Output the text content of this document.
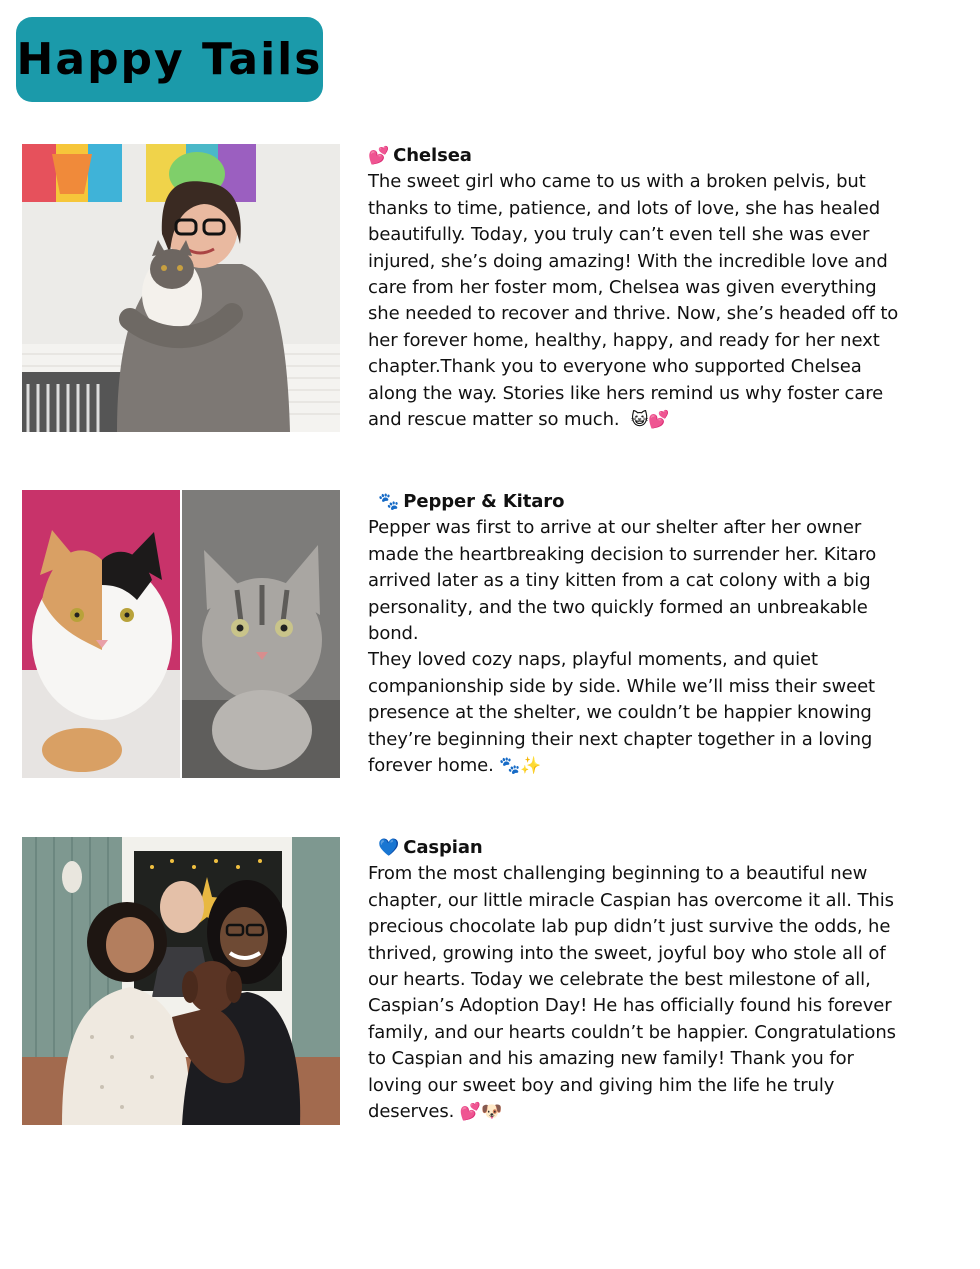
Happy Tails
💕 Chelsea
The sweet girl who came to us with a broken pelvis, but thanks to time, patience, and lots of love, she has healed beautifully. Today, you truly can’t even tell she was ever injured, she’s doing amazing! With the incredible love and care from her foster mom, Chelsea was given everything she needed to recover and thrive. Now, she’s headed off to her forever home, healthy, happy, and ready for her next chapter.Thank you to everyone who supported Chelsea along the way. Stories like hers remind us why foster care and rescue matter so much. 😺💕

🐾 Pepper & Kitaro
Pepper was first to arrive at our shelter after her owner made the heartbreaking decision to surrender her. Kitaro arrived later as a tiny kitten from a cat colony with a big personality, and the two quickly formed an unbreakable bond.
They loved cozy naps, playful moments, and quiet companionship side by side. While we’ll miss their sweet presence at the shelter, we couldn’t be happier knowing they’re beginning their next chapter together in a loving forever home. 🐾✨

💙 Caspian
From the most challenging beginning to a beautiful new chapter, our little miracle Caspian has overcome it all. This precious chocolate lab pup didn’t just survive the odds, he thrived, growing into the sweet, joyful boy who stole all of our hearts. Today we celebrate the best milestone of all, Caspian’s Adoption Day! He has officially found his forever family, and our hearts couldn’t be happier. Congratulations to Caspian and his amazing new family! Thank you for loving our sweet boy and giving him the life he truly deserves. 💕🐶
